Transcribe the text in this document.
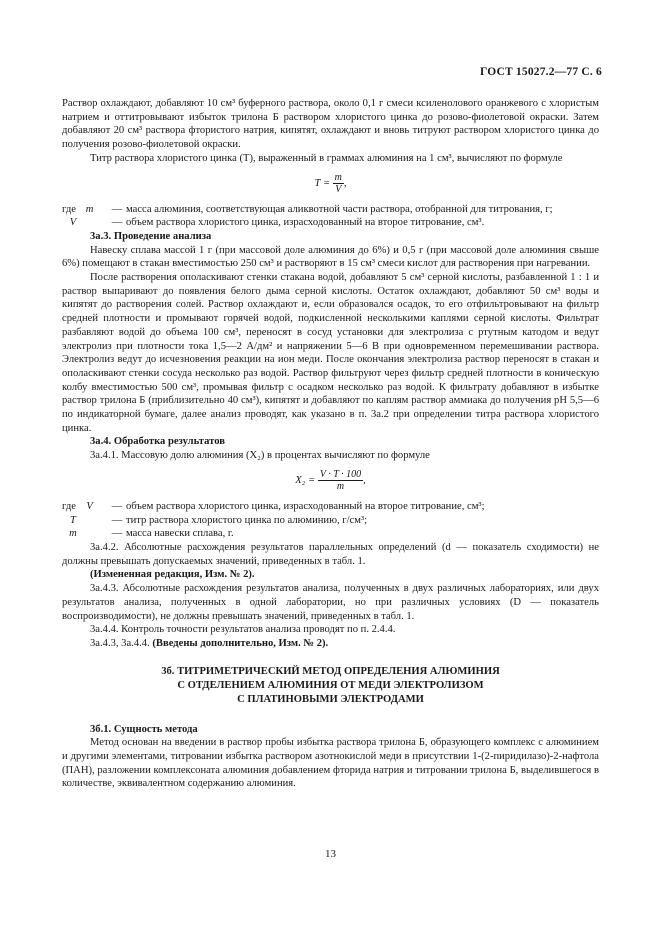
ГОСТ 15027.2—77 С. 6

Раствор охлаждают, добавляют 10 см³ буферного раствора, около 0,1 г смеси ксиленолового оранжевого с хлористым натрием и оттитровывают избыток трилона Б раствором хлористого цинка до розово-фиолетовой окраски. Затем добавляют 20 см³ раствора фтористого натрия, кипятят, охлаждают и вновь титруют раствором хлористого цинка до получения розово-фиолетовой окраски.

Титр раствора хлористого цинка (T), выраженный в граммах алюминия на 1 см³, вычисляют по формуле

$T = \frac{m}{V}$ ,
где m	— масса алюминия, соответствующая аликвотной части раствора, отобранной для титрования, г;
V	— объем раствора хлористого цинка, израсходованный на второе титрование, см³.

3а.3. Проведение анализа

Навеску сплава массой 1 г (при массовой доле алюминия до 6%) и 0,5 г (при массовой доле алюминия свыше 6%) помещают в стакан вместимостью 250 см³ и растворяют в 15 см³ смеси кислот для растворения при нагревании.

После растворения ополаскивают стенки стакана водой, добавляют 5 см³ серной кислоты, разбавленной 1 : 1 и раствор выпаривают до появления белого дыма серной кислоты. Остаток охлаждают, добавляют 50 см³ воды и кипятят до растворения солей. Раствор охлаждают и, если образовался осадок, то его отфильтровывают на фильтр средней плотности и промывают горячей водой, подкисленной несколькими каплями серной кислоты. Фильтрат разбавляют водой до объема 100 см³, переносят в сосуд установки для электролиза с ртутным катодом и ведут электролиз при плотности тока 1,5—2 А/дм² и напряжении 5—6 В при одновременном перемешивании раствора. Электролиз ведут до исчезновения реакции на ион меди. После окончания электролиза раствор переносят в стакан и ополаскивают стенки сосуда несколько раз водой. Раствор фильтруют через фильтр средней плотности в коническую колбу вместимостью 500 см³, промывая фильтр с осадком несколько раз водой. К фильтрату добавляют в избытке раствор трилона Б (приблизительно 40 см³), кипятят и добавляют по каплям раствор аммиака до получения рН 5,5—6 по индикаторной бумаге, далее анализ проводят, как указано в п. 3а.2 при определении титра раствора хлористого цинка.

3а.4. Обработка результатов

3а.4.1. Массовую долю алюминия (X₂) в процентах вычисляют по формуле

$X_2 = \frac{V \cdot T \cdot 100}{m}$ ,
где V	— объем раствора хлористого цинка, израсходованный на второе титрование, см³;
T	— титр раствора хлористого цинка по алюминию, г/см³;
m	— масса навески сплава, г.

3а.4.2. Абсолютные расхождения результатов параллельных определений (d — показатель сходимости) не должны превышать допускаемых значений, приведенных в табл. 1.

(Измененная редакция, Изм. № 2).

3а.4.3. Абсолютные расхождения результатов анализа, полученных в двух различных лабораториях, или двух результатов анализа, полученных в одной лаборатории, но при различных условиях (D — показатель воспроизводимости), не должны превышать значений, приведенных в табл. 1.

3а.4.4. Контроль точности результатов анализа проводят по п. 2.4.4.

3а.4.3, 3а.4.4. (Введены дополнительно, Изм. № 2).

3б. ТИТРИМЕТРИЧЕСКИЙ МЕТОД ОПРЕДЕЛЕНИЯ АЛЮМИНИЯ
С ОТДЕЛЕНИЕМ АЛЮМИНИЯ ОТ МЕДИ ЭЛЕКТРОЛИЗОМ
С ПЛАТИНОВЫМИ ЭЛЕКТРОДАМИ

3б.1. Сущность метода

Метод основан на введении в раствор пробы избытка раствора трилона Б, образующего комплекс с алюминием и другими элементами, титровании избытка раствором азотнокислой меди в присутствии 1-(2-пиридилазо)-2-нафтола (ПАН), разложении комплексоната алюминия добавлением фторида натрия и титровании трилона Б, выделившегося в количестве, эквивалентном содержанию алюминия.

13
